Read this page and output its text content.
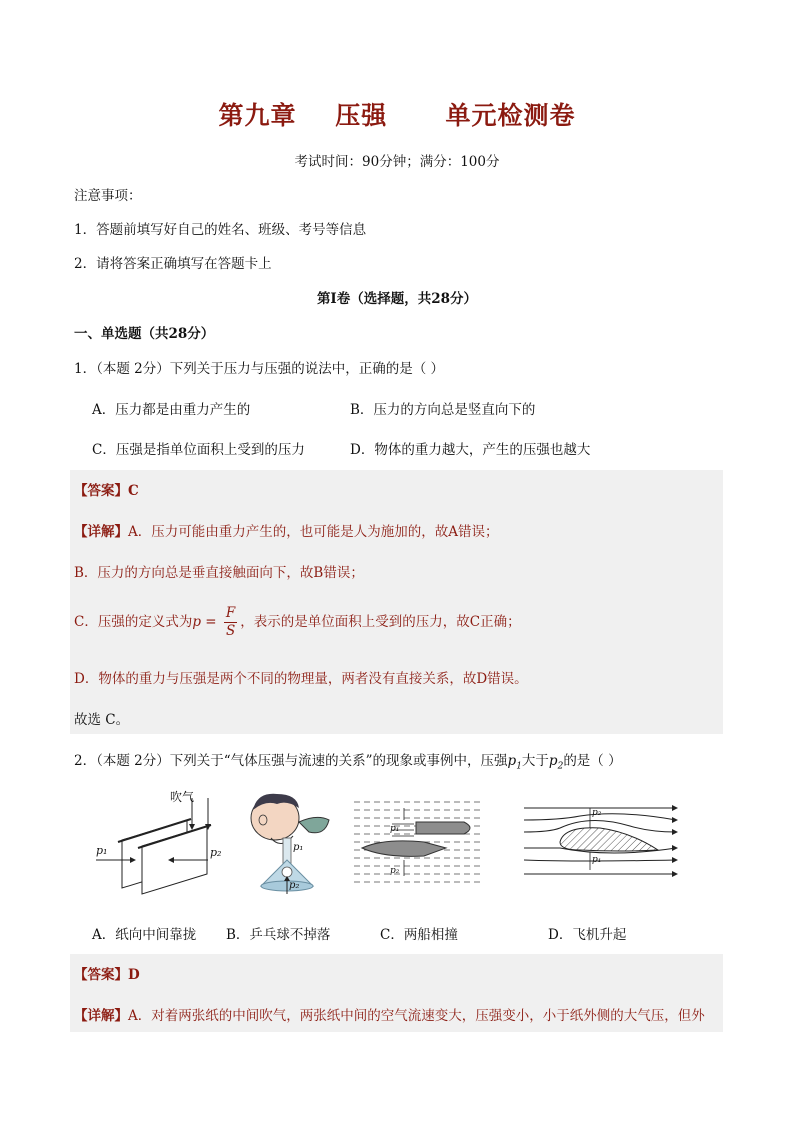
第九章    压强      单元检测卷
考试时间：90分钟；满分：100分
注意事项：
1．答题前填写好自己的姓名、班级、考号等信息
2．请将答案正确填写在答题卡上
第Ⅰ卷（选择题，共28分）
一、单选题（共28分）
1．（本题 2分）下列关于压力与压强的说法中，正确的是（ ）
A．压力都是由重力产生的	B．压力的方向总是竖直向下的
C．压强是指单位面积上受到的压力	D．物体的重力越大，产生的压强也越大
【答案】C
【详解】A．压力可能由重力产生的，也可能是人为施加的，故A错误；
B．压力的方向总是垂直接触面向下，故B错误；
C．压强的定义式为$p = \frac{F}{S}$ ，表示的是单位面积上受到的压力，故C正确；
D．物体的重力与压强是两个不同的物理量，两者没有直接关系，故D错误。
故选 C。
2．（本题 2分）下列关于“气体压强与流速的关系”的现象或事例中，压强$p_1$大于$p_2$的是（ ）
吹气
p₁	p₂	p₁
p₂
p₁
p₂
p₂
p₁
A．纸向中间靠拢 B．乒乓球不掉落	C．两船相撞	D．飞机升起
【答案】D
【详解】A．对着两张纸的中间吹气，两张纸中间的空气流速变大，压强变小，小于纸外侧的大气压，但外
